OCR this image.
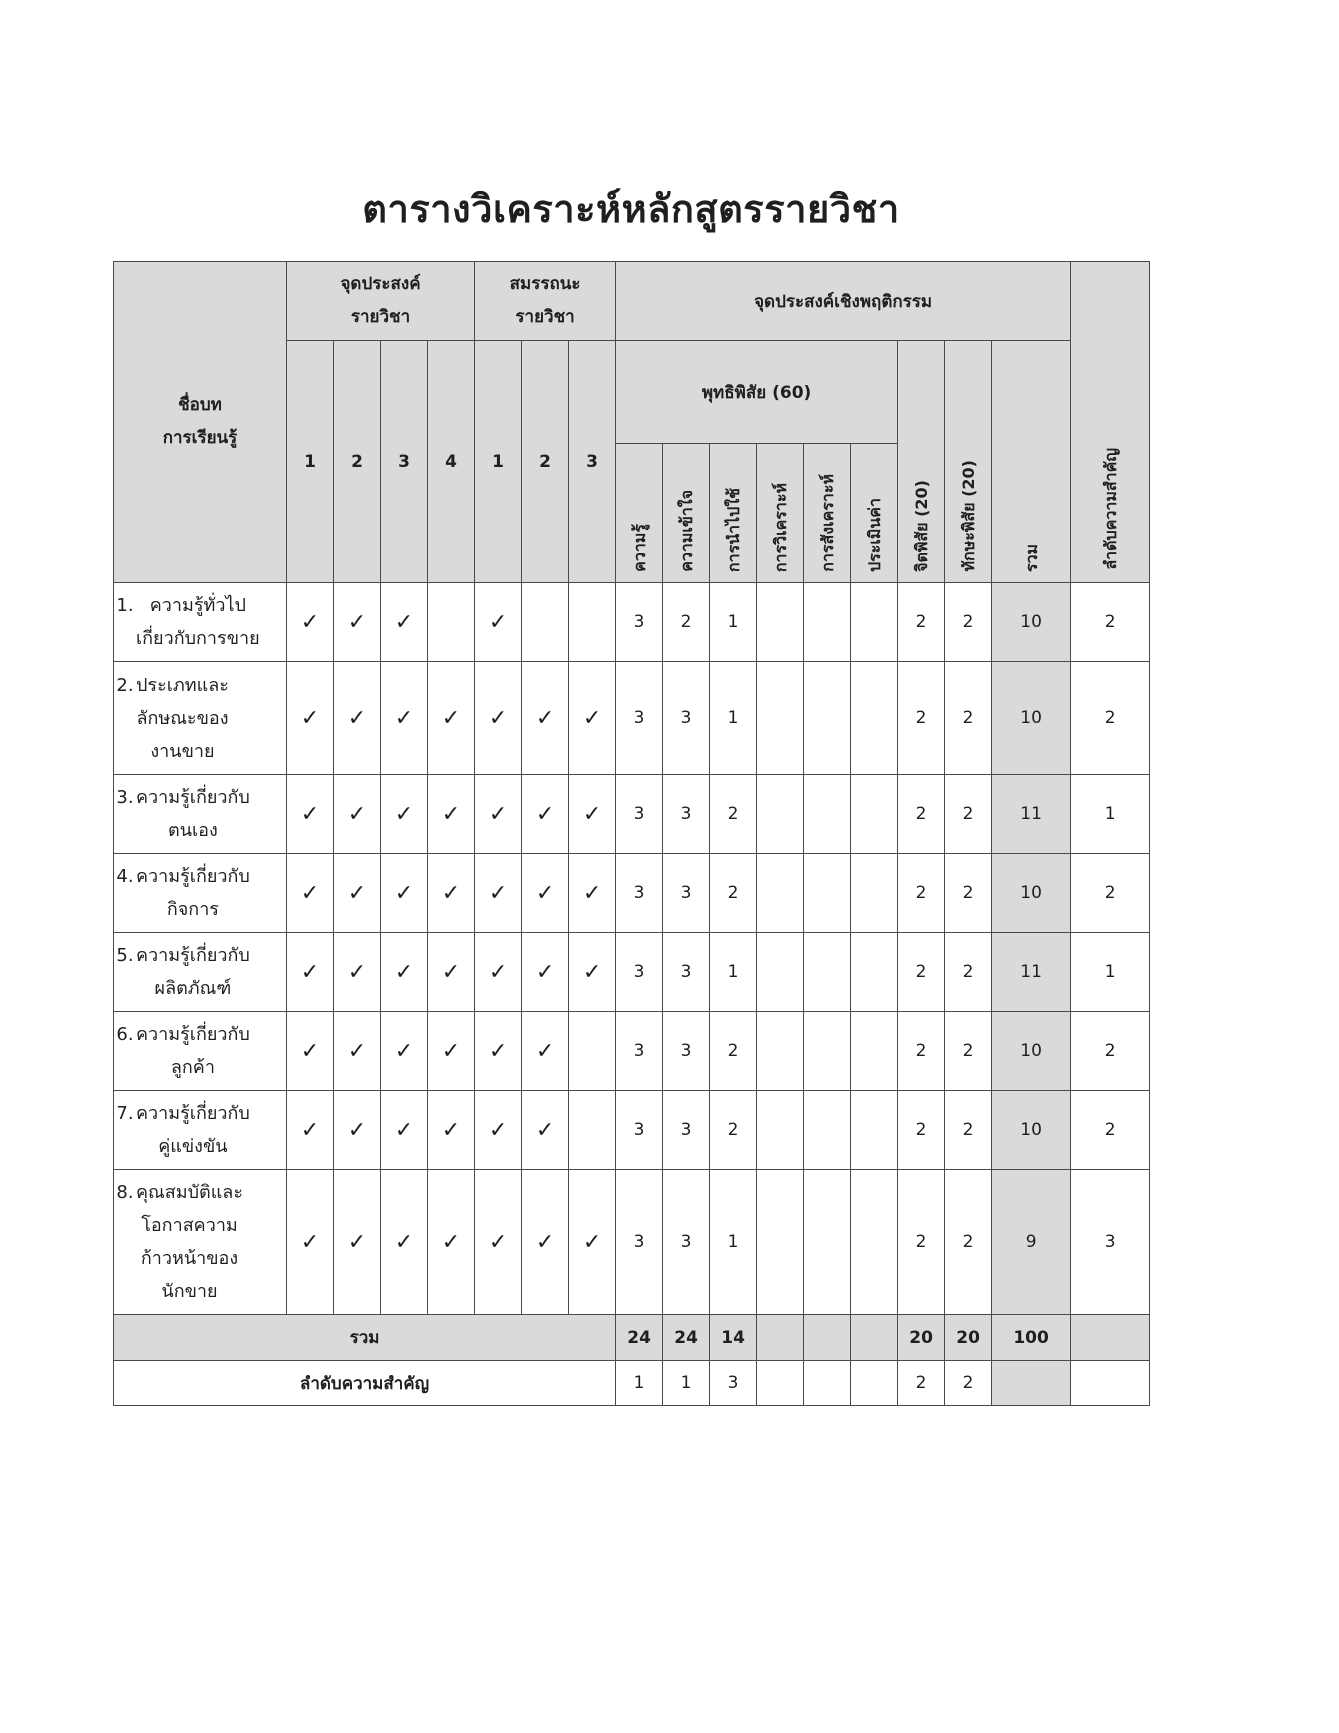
ตารางวิเคราะห์หลักสูตรรายวิชา
ชื่อบท
การเรียนรู้	จุดประสงค์
รายวิชา				สมรรถนะ
รายวิชา			จุดประสงค์เชิงพฤติกรรม									ลำดับความสำคัญ

	1	2	3	4	1	2	3	พุทธิพิสัย (60)						จิตพิสัย (20)	ทักษะพิสัย (20)	รวม	

								ความรู้	ความเข้าใจ	การนำไปใช้	การวิเคราะห์	การสังเคราะห์	ประเมินค่า				

1. ความรู้ทั่วไป
เกี่ยวกับการขาย	✓	✓	✓		✓			3	2	1				2	2	10	2

2. ประเภทและ
ลักษณะของ
งานขาย	✓	✓	✓	✓	✓	✓	✓	3	3	1				2	2	10	2

3. ความรู้เกี่ยวกับ
ตนเอง	✓	✓	✓	✓	✓	✓	✓	3	3	2				2	2	11	1

4. ความรู้เกี่ยวกับ
กิจการ	✓	✓	✓	✓	✓	✓	✓	3	3	2				2	2	10	2

5. ความรู้เกี่ยวกับ
ผลิตภัณฑ์	✓	✓	✓	✓	✓	✓	✓	3	3	1				2	2	11	1

6. ความรู้เกี่ยวกับ
ลูกค้า	✓	✓	✓	✓	✓	✓		3	3	2				2	2	10	2

7. ความรู้เกี่ยวกับ
คู่แข่งขัน	✓	✓	✓	✓	✓	✓		3	3	2				2	2	10	2

8. คุณสมบัติและ
โอกาสความ
ก้าวหน้าของ
นักขาย	✓	✓	✓	✓	✓	✓	✓	3	3	1				2	2	9	3
รวม								24	24	14				20	20	100	
ลำดับความสำคัญ								1	1	3				2	2		
